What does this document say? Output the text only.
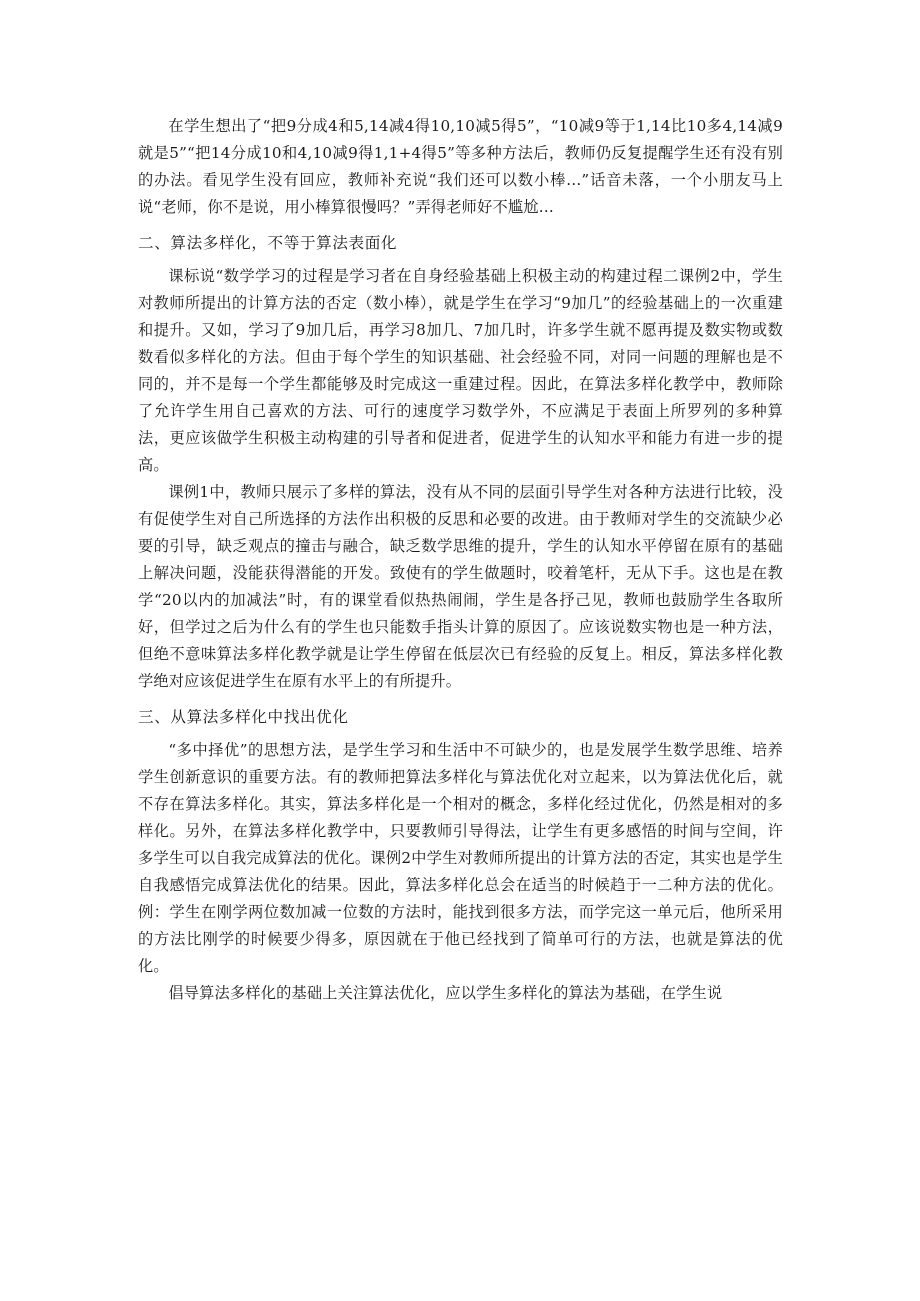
在学生想出了“把9分成4和5,14减4得10,10减5得5”，“10减9等于1,14比10多4,14减9就是5”“把14分成10和4,10减9得1,1+4得5”等多种方法后，教师仍反复提醒学生还有没有别的办法。看见学生没有回应，教师补充说“我们还可以数小棒...”话音未落，一个小朋友马上说“老师，你不是说，用小棒算很慢吗？”弄得老师好不尴尬…

二、算法多样化，不等于算法表面化

课标说“数学学习的过程是学习者在自身经验基础上积极主动的构建过程二课例2中，学生对教师所提出的计算方法的否定（数小棒），就是学生在学习“9加几”的经验基础上的一次重建和提升。又如，学习了9加几后，再学习8加几、7加几时，许多学生就不愿再提及数实物或数数看似多样化的方法。但由于每个学生的知识基础、社会经验不同，对同一问题的理解也是不同的，并不是每一个学生都能够及时完成这一重建过程。因此，在算法多样化教学中，教师除了允许学生用自己喜欢的方法、可行的速度学习数学外，不应满足于表面上所罗列的多种算法，更应该做学生积极主动构建的引导者和促进者，促进学生的认知水平和能力有进一步的提高。

课例1中，教师只展示了多样的算法，没有从不同的层面引导学生对各种方法进行比较，没有促使学生对自己所选择的方法作出积极的反思和必要的改进。由于教师对学生的交流缺少必要的引导，缺乏观点的撞击与融合，缺乏数学思维的提升，学生的认知水平停留在原有的基础上解决问题，没能获得潜能的开发。致使有的学生做题时，咬着笔杆，无从下手。这也是在教学“20以内的加减法”时，有的课堂看似热热闹闹，学生是各抒己见，教师也鼓励学生各取所好，但学过之后为什么有的学生也只能数手指头计算的原因了。应该说数实物也是一种方法，但绝不意味算法多样化教学就是让学生停留在低层次已有经验的反复上。相反，算法多样化教学绝对应该促进学生在原有水平上的有所提升。

三、从算法多样化中找出优化

“多中择优”的思想方法，是学生学习和生活中不可缺少的，也是发展学生数学思维、培养学生创新意识的重要方法。有的教师把算法多样化与算法优化对立起来，以为算法优化后，就不存在算法多样化。其实，算法多样化是一个相对的概念，多样化经过优化，仍然是相对的多样化。另外，在算法多样化教学中，只要教师引导得法，让学生有更多感悟的时间与空间，许多学生可以自我完成算法的优化。课例2中学生对教师所提出的计算方法的否定，其实也是学生自我感悟完成算法优化的结果。因此，算法多样化总会在适当的时候趋于一二种方法的优化。例：学生在刚学两位数加减一位数的方法时，能找到很多方法，而学完这一单元后，他所采用的方法比刚学的时候要少得多，原因就在于他已经找到了简单可行的方法，也就是算法的优化。

倡导算法多样化的基础上关注算法优化，应以学生多样化的算法为基础，在学生说
